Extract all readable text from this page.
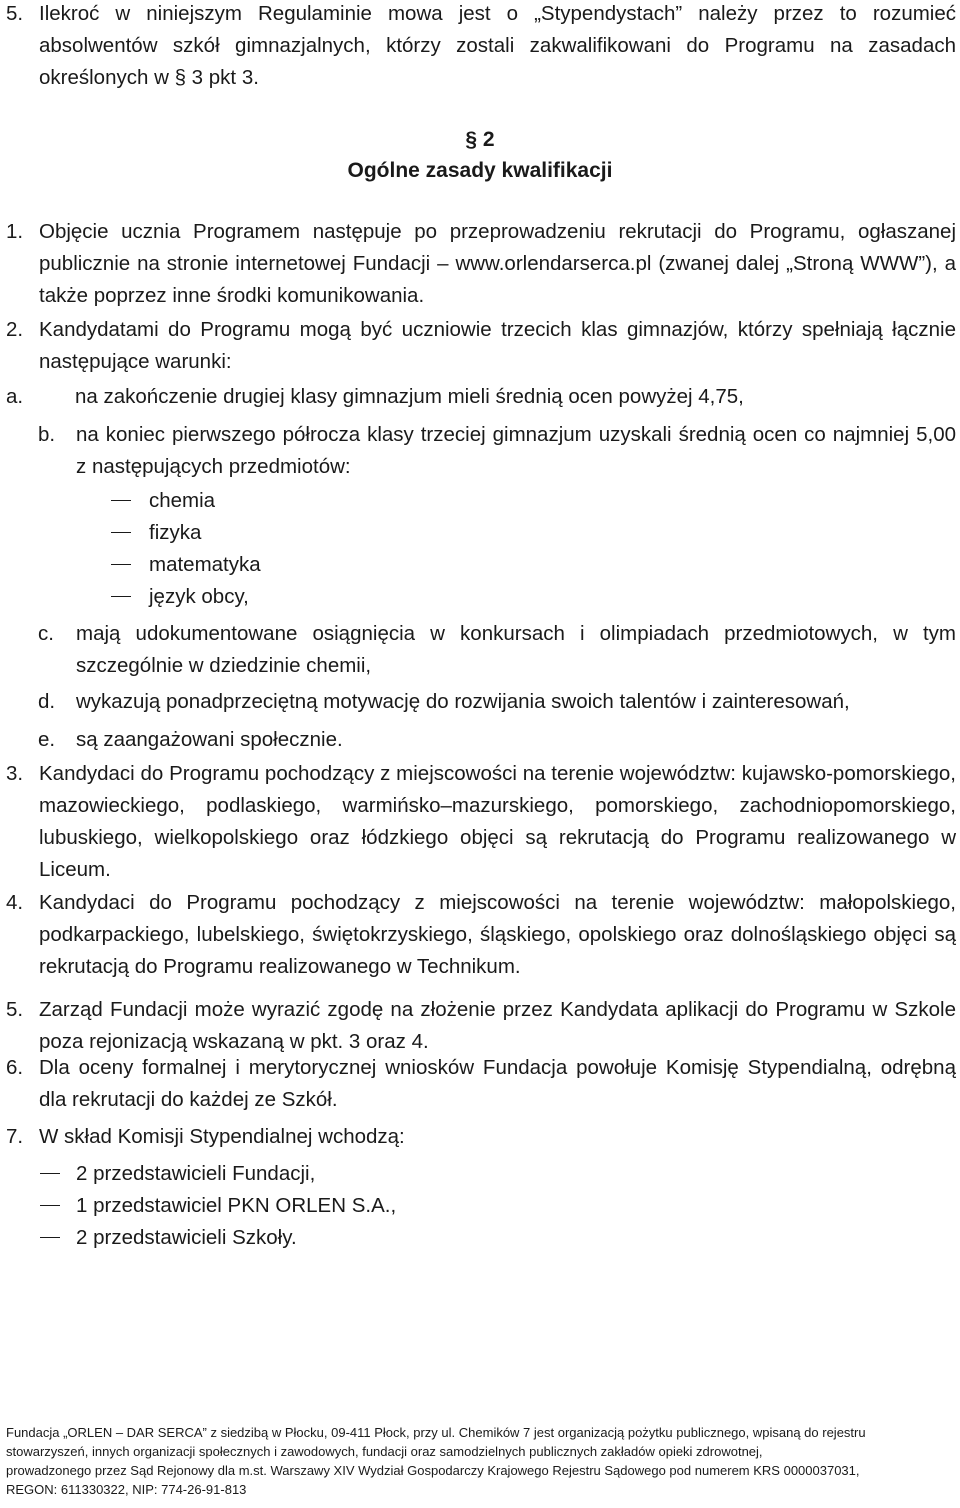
5. Ilekroć w niniejszym Regulaminie mowa jest o „Stypendystach” należy przez to rozumieć absolwentów szkół gimnazjalnych, którzy zostali zakwalifikowani do Programu na zasadach określonych w § 3 pkt 3.
§ 2
Ogólne zasady kwalifikacji
1. Objęcie ucznia Programem następuje po przeprowadzeniu rekrutacji do Programu, ogłaszanej publicznie na stronie internetowej Fundacji – www.orlendarserca.pl (zwanej dalej „Stroną WWW”), a także poprzez inne środki komunikowania.
2. Kandydatami do Programu mogą być uczniowie trzecich klas gimnazjów, którzy spełniają łącznie następujące warunki:
a.	na zakończenie drugiej klasy gimnazjum mieli średnią ocen powyżej 4,75,
b. na koniec pierwszego półrocza klasy trzeciej gimnazjum uzyskali średnią ocen co najmniej 5,00 z następujących przedmiotów:
chemia
fizyka
matematyka
język obcy,
c. mają udokumentowane osiągnięcia w konkursach i olimpiadach przedmiotowych, w tym szczególnie w dziedzinie chemii,
d. wykazują ponadprzeciętną motywację do rozwijania swoich talentów i zainteresowań,
e. są zaangażowani społecznie.
3. Kandydaci do Programu pochodzący z miejscowości na terenie województw: kujawsko-pomorskiego, mazowieckiego, podlaskiego, warmińsko–mazurskiego, pomorskiego, zachodniopomorskiego, lubuskiego, wielkopolskiego oraz łódzkiego objęci są rekrutacją do Programu realizowanego w Liceum.
4. Kandydaci do Programu pochodzący z miejscowości na terenie województw: małopolskiego, podkarpackiego, lubelskiego, świętokrzyskiego, śląskiego, opolskiego oraz dolnośląskiego objęci są rekrutacją do Programu realizowanego w Technikum.
5. Zarząd Fundacji może wyrazić zgodę na złożenie przez Kandydata aplikacji do Programu w Szkole poza rejonizacją wskazaną w pkt. 3 oraz 4.
6. Dla oceny formalnej i merytorycznej wniosków Fundacja powołuje Komisję Stypendialną, odrębną dla rekrutacji do każdej ze Szkół.
7. W skład Komisji Stypendialnej wchodzą:
2 przedstawicieli Fundacji,
1 przedstawiciel PKN ORLEN S.A.,
2 przedstawicieli Szkoły.
Fundacja „ORLEN – DAR SERCA” z siedzibą w Płocku, 09-411 Płock, przy ul. Chemików 7 jest organizacją pożytku publicznego, wpisaną do rejestru
stowarzyszeń, innych organizacji społecznych i zawodowych, fundacji oraz samodzielnych publicznych zakładów opieki zdrowotnej,
prowadzonego przez Sąd Rejonowy dla m.st. Warszawy XIV Wydział Gospodarczy Krajowego Rejestru Sądowego pod numerem KRS 0000037031,
REGON: 611330322, NIP: 774-26-91-813
